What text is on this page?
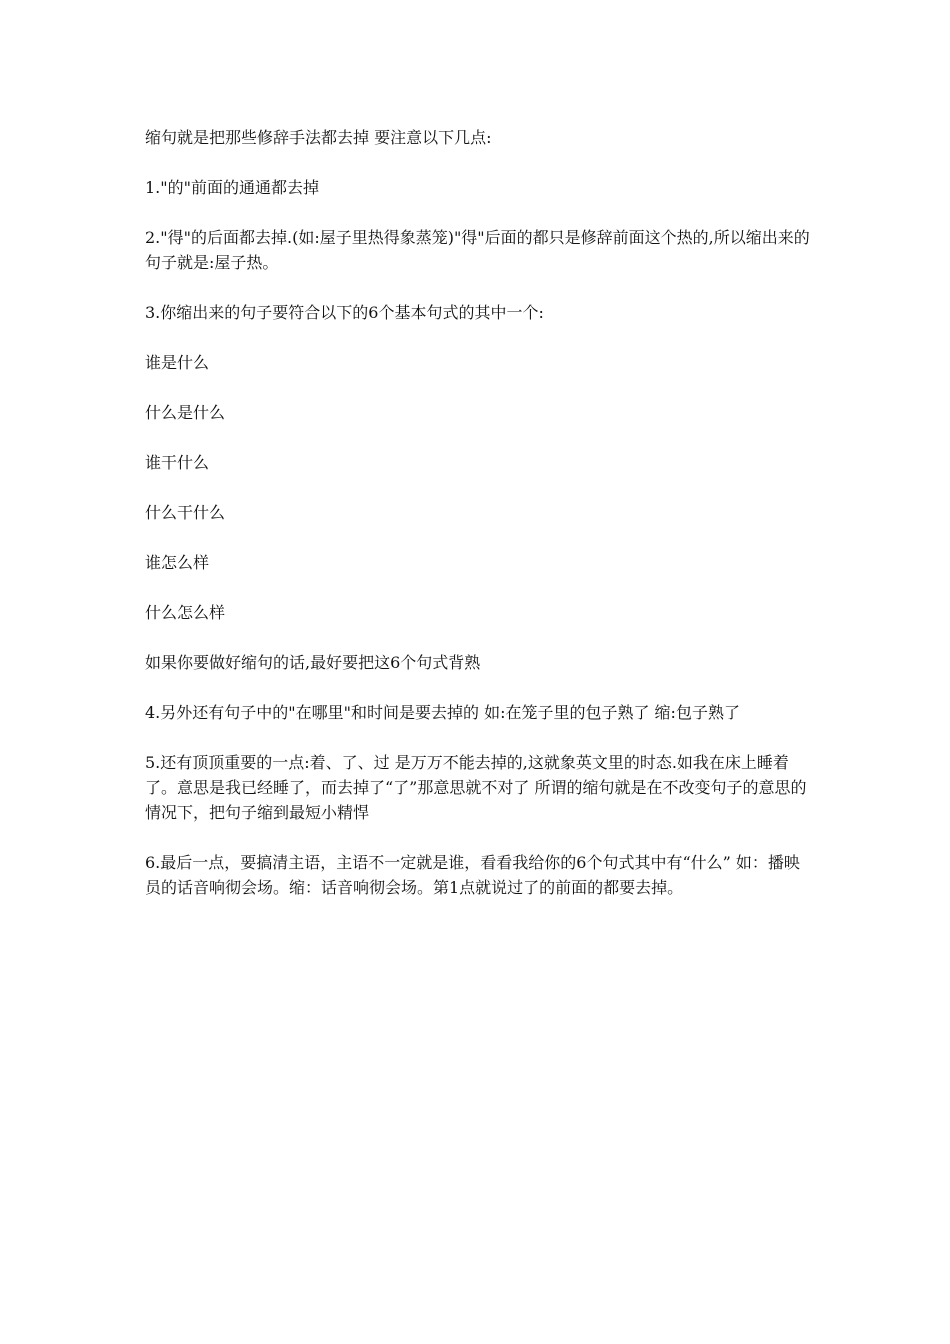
缩句就是把那些修辞手法都去掉 要注意以下几点:

1."的"前面的通通都去掉

2."得"的后面都去掉.(如:屋子里热得象蒸笼)"得"后面的都只是修辞前面这个热的,所以缩出来的句子就是:屋子热。

3.你缩出来的句子要符合以下的6个基本句式的其中一个:

谁是什么

什么是什么

谁干什么

什么干什么

谁怎么样

什么怎么样

如果你要做好缩句的话,最好要把这6个句式背熟

4.另外还有句子中的"在哪里"和时间是要去掉的 如:在笼子里的包子熟了 缩:包子熟了

5.还有顶顶重要的一点:着、了、过 是万万不能去掉的,这就象英文里的时态.如我在床上睡着了。意思是我已经睡了，而去掉了“了”那意思就不对了 所谓的缩句就是在不改变句子的意思的情况下，把句子缩到最短小精悍

6.最后一点，要搞清主语，主语不一定就是谁，看看我给你的6个句式其中有“什么” 如：播映员的话音响彻会场。缩：话音响彻会场。第1点就说过了的前面的都要去掉。
